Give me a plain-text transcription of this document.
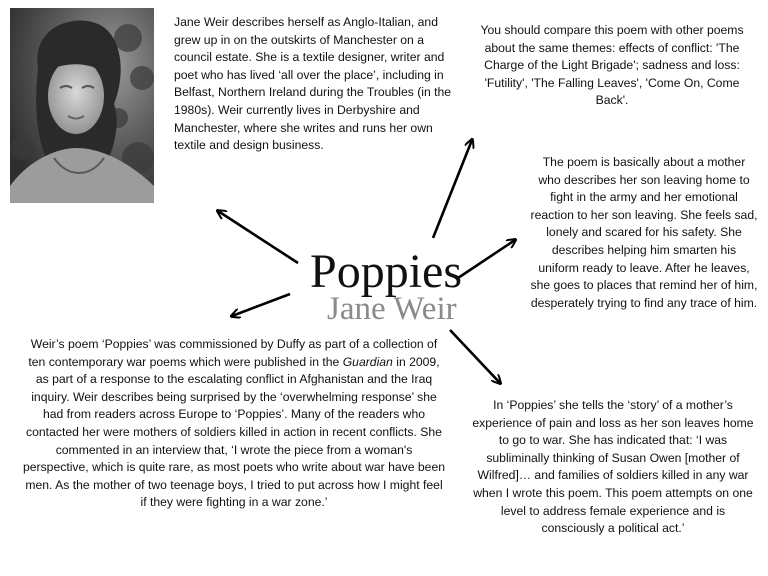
Jane Weir describes herself as Anglo-Italian, and grew up in on the outskirts of Manchester on a council estate. She is a textile designer, writer and poet who has lived ‘all over the place’, including in Belfast, Northern Ireland during the Troubles (in the 1980s). Weir currently lives in Derbyshire and Manchester, where she writes and runs her own textile and design business.
You should compare this poem with other poems about the same themes: effects of conflict: 'The Charge of the Light Brigade'; sadness and loss: 'Futility', 'The Falling Leaves', 'Come On, Come Back'.
The poem is basically about a mother who describes her son leaving home to fight in the army and her emotional reaction to her son leaving. She feels sad, lonely and scared for his safety. She describes helping him smarten his uniform ready to leave. After he leaves, she goes to places that remind her of him, desperately trying to find any trace of him.
Weir’s poem ‘Poppies’ was commissioned by Duffy as part of a collection of ten contemporary war poems which were published in the Guardian in 2009, as part of a response to the escalating conflict in Afghanistan and the Iraq inquiry. Weir describes being surprised by the ‘overwhelming response’ she had from readers across Europe to ‘Poppies’. Many of the readers who contacted her were mothers of soldiers killed in action in recent conflicts. She commented in an interview that, ‘I wrote the piece from a woman's perspective, which is quite rare, as most poets who write about war have been men. As the mother of two teenage boys, I tried to put across how I might feel if they were fighting in a war zone.’
In ‘Poppies’ she tells the ‘story’ of a mother’s experience of pain and loss as her son leaves home to go to war. She has indicated that: ‘I was subliminally thinking of Susan Owen [mother of Wilfred]… and families of soldiers killed in any war when I wrote this poem. This poem attempts on one level to address female experience and is consciously a political act.’
Poppies
Jane Weir
